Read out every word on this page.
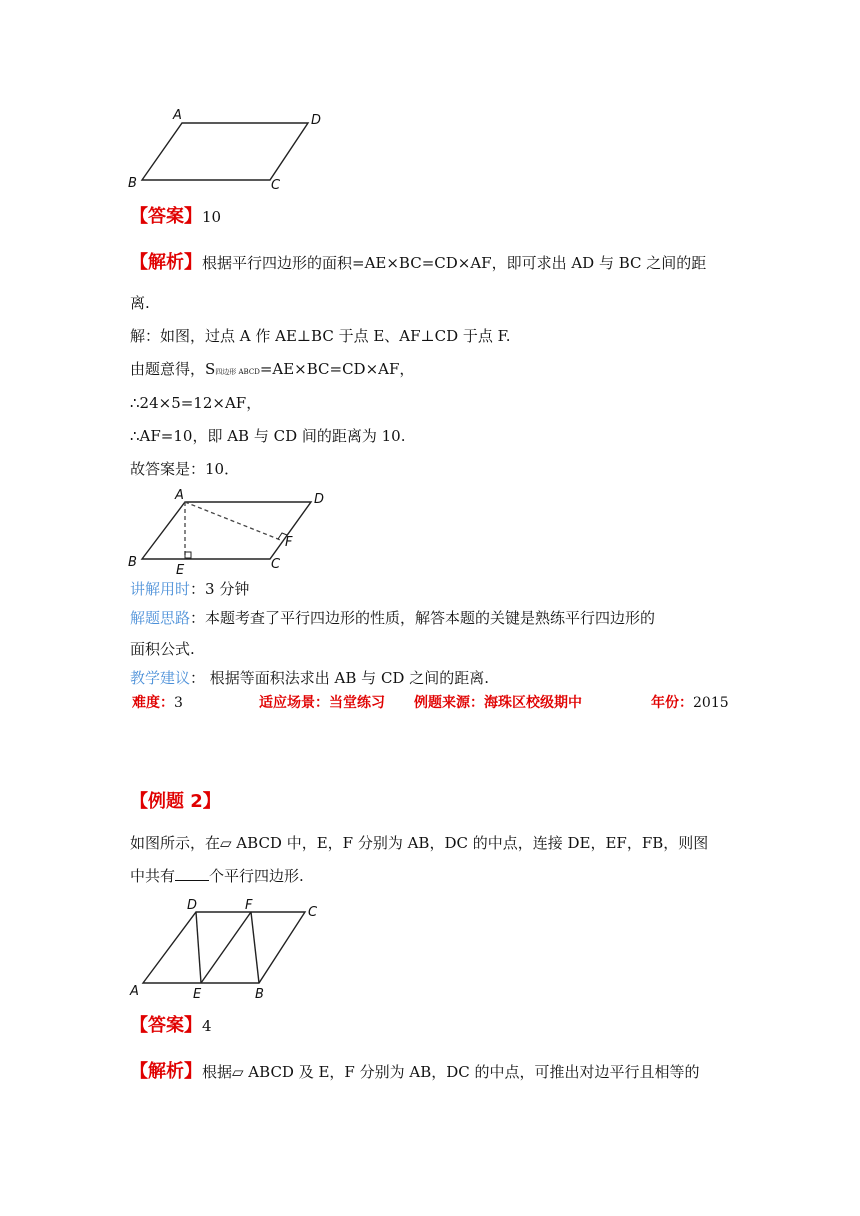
A	D
B	C
【答案】10
【解析】根据平行四边形的面积=AE×BC=CD×AF，即可求出 AD 与 BC 之间的距
离.
解：如图，过点 A 作 AE⊥BC 于点 E、AF⊥CD 于点 F.
由题意得，S四边形 ABCD=AE×BC=CD×AF，
∴24×5=12×AF，
∴AF=10，即 AB 与 CD 间的距离为 10.
故答案是：10．
A	D
B	C
E
F
讲解用时：3 分钟
解题思路：本题考查了平行四边形的性质，解答本题的关键是熟练平行四边形的
面积公式.
教学建议： 根据等面积法求出 AB 与 CD 之间的距离.
难度：3	适应场景：当堂练习 例题来源：海珠区校级期中	年份：2015
【例题 2】
如图所示，在▱ ABCD 中，E，F 分别为 AB，DC 的中点，连接 DE，EF，FB，则图
中共有 个平行四边形.
D	F	C
A	E	B
【答案】4
【解析】根据▱ ABCD 及 E，F 分别为 AB，DC 的中点，可推出对边平行且相等的
